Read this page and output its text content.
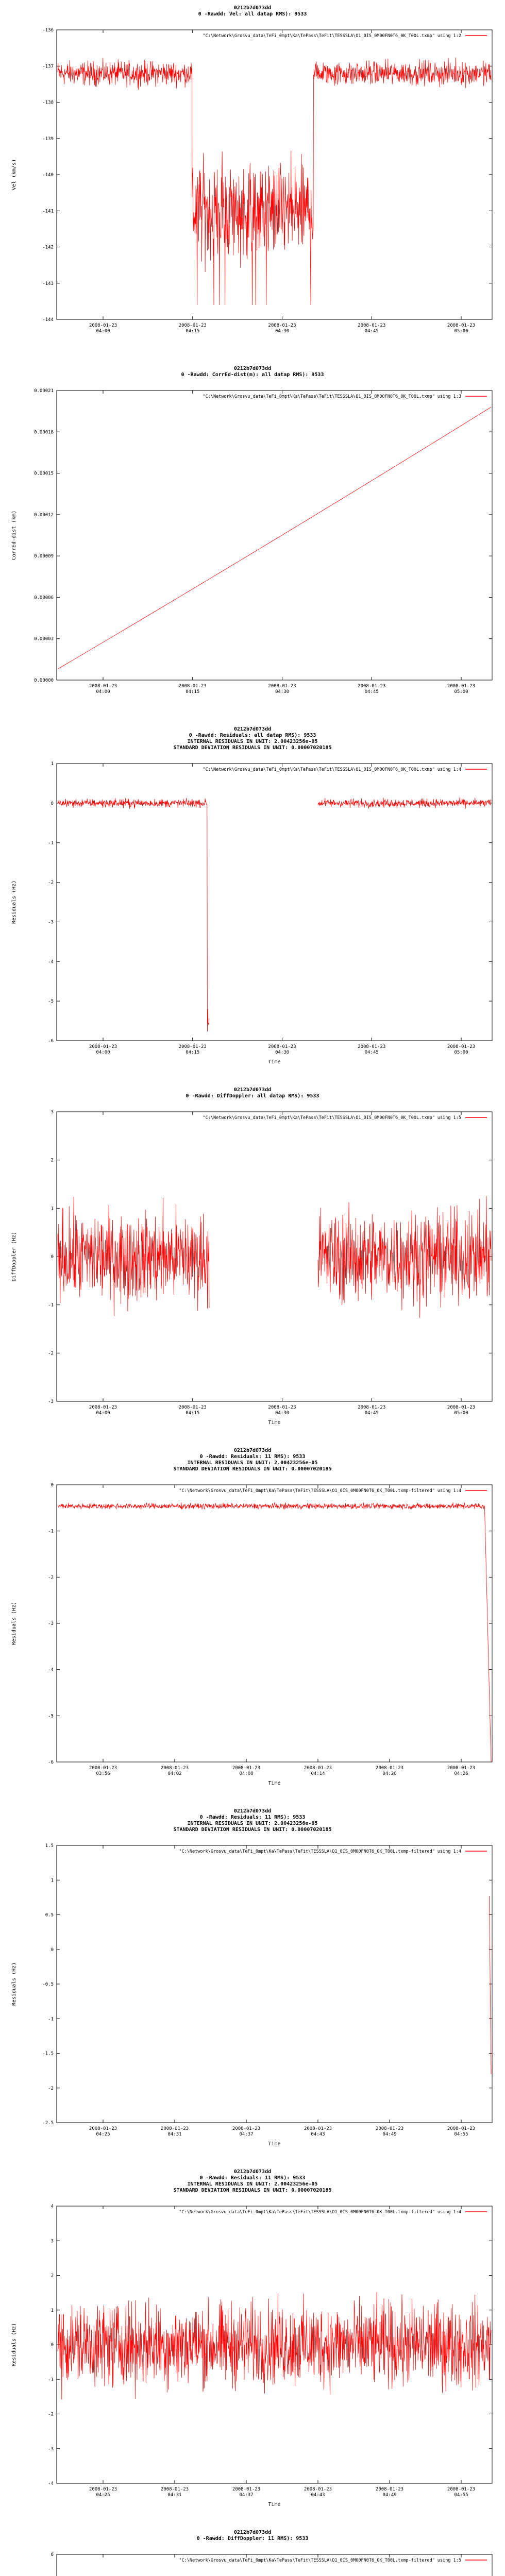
0212b7d073dd
0 -Rawdd: Vel: all datap RMS): 9533
"C:\Network\Grosvu_data\TeFi_0mpt\Ka\TePass\TeFit\TESSSLA\O1_0IS_0M00FN0T6_0K_T00L.txmp" using 1:2
-136
-137
-138
-139
-140
-141
-142
-143
-144
2008-01-23
04:00
2008-01-23
04:15
2008-01-23
04:30
2008-01-23
04:45
2008-01-23
05:00
Vel (km/s)
0212b7d073dd
0 -Rawdd: CorrEd-dist(m): all datap RMS): 9533
"C:\Network\Grosvu_data\TeFi_0mpt\Ka\TePass\TeFit\TESSSLA\O1_0IS_0M00FN0T6_0K_T00L.txmp" using 1:3
0.00021
0.00018
0.00015
0.00012
0.00009
0.00006
0.00003
0.00000
2008-01-23
04:00
2008-01-23
04:15
2008-01-23
04:30
2008-01-23
04:45
2008-01-23
05:00
CorrEd-dist (km)
0212b7d073dd
0 -Rawdd: Residuals: all datap RMS): 9533
INTERNAL RESIDUALS IN UNIT: 2.00423256e-05
STANDARD DEVIATION RESIDUALS IN UNIT: 0.00007020185
"C:\Network\Grosvu_data\TeFi_0mpt\Ka\TePass\TeFit\TESSSLA\O1_0IS_0M00FN0T6_0K_T00L.txmp" using 1:4
1
0
-1
-2
-3
-4
-5
-6
2008-01-23
04:00
2008-01-23
04:15
2008-01-23
04:30
2008-01-23
04:45
2008-01-23
05:00
Residuals (Hz)
Time
0212b7d073dd
0 -Rawdd: DiffDoppler: all datap RMS): 9533
"C:\Network\Grosvu_data\TeFi_0mpt\Ka\TePass\TeFit\TESSSLA\O1_0IS_0M00FN0T6_0K_T00L.txmp" using 1:5
3
2
1
0
-1
-2
-3
2008-01-23
04:00
2008-01-23
04:15
2008-01-23
04:30
2008-01-23
04:45
2008-01-23
05:00
DiffDoppler (Hz)
Time
0212b7d073dd
0 -Rawdd: Residuals: 11 RMS): 9533
INTERNAL RESIDUALS IN UNIT: 2.00423256e-05
STANDARD DEVIATION RESIDUALS IN UNIT: 0.00007020185
"C:\Network\Grosvu_data\TeFi_0mpt\Ka\TePass\TeFit\TESSSLA\O1_0IS_0M00FN0T6_0K_T00L.txmp-filtered" using 1:4
0
-1
-2
-3
-4
-5
-6
2008-01-23
03:56
2008-01-23
04:02
2008-01-23
04:08
2008-01-23
04:14
2008-01-23
04:20
2008-01-23
04:26
Residuals (Hz)
Time
0212b7d073dd
0 -Rawdd: Residuals: 11 RMS): 9533
INTERNAL RESIDUALS IN UNIT: 2.00423256e-05
STANDARD DEVIATION RESIDUALS IN UNIT: 0.00007020185
"C:\Network\Grosvu_data\TeFi_0mpt\Ka\TePass\TeFit\TESSSLA\O1_0IS_0M00FN0T6_0K_T00L.txmp-filtered" using 1:4
1.5
1
0.5
0
-0.5
-1
-1.5
-2
-2.5
2008-01-23
04:25
2008-01-23
04:31
2008-01-23
04:37
2008-01-23
04:43
2008-01-23
04:49
2008-01-23
04:55
Residuals (Hz)
Time
0212b7d073dd
0 -Rawdd: Residuals: 11 RMS): 9533
INTERNAL RESIDUALS IN UNIT: 2.00423256e-05
STANDARD DEVIATION RESIDUALS IN UNIT: 0.00007020185
"C:\Network\Grosvu_data\TeFi_0mpt\Ka\TePass\TeFit\TESSSLA\O1_0IS_0M00FN0T6_0K_T00L.txmp-filtered" using 1:4
4
3
2
1
0
-1
-2
-3
-4
2008-01-23
04:25
2008-01-23
04:31
2008-01-23
04:37
2008-01-23
04:43
2008-01-23
04:49
2008-01-23
04:55
Residuals (Hz)
Time
0212b7d073dd
0 -Rawdd: DiffDoppler: 11 RMS): 9533
"C:\Network\Grosvu_data\TeFi_0mpt\Ka\TePass\TeFit\TESSSLA\O1_0IS_0M00FN0T6_0K_T00L.txmp-filtered" using 1:5
6
